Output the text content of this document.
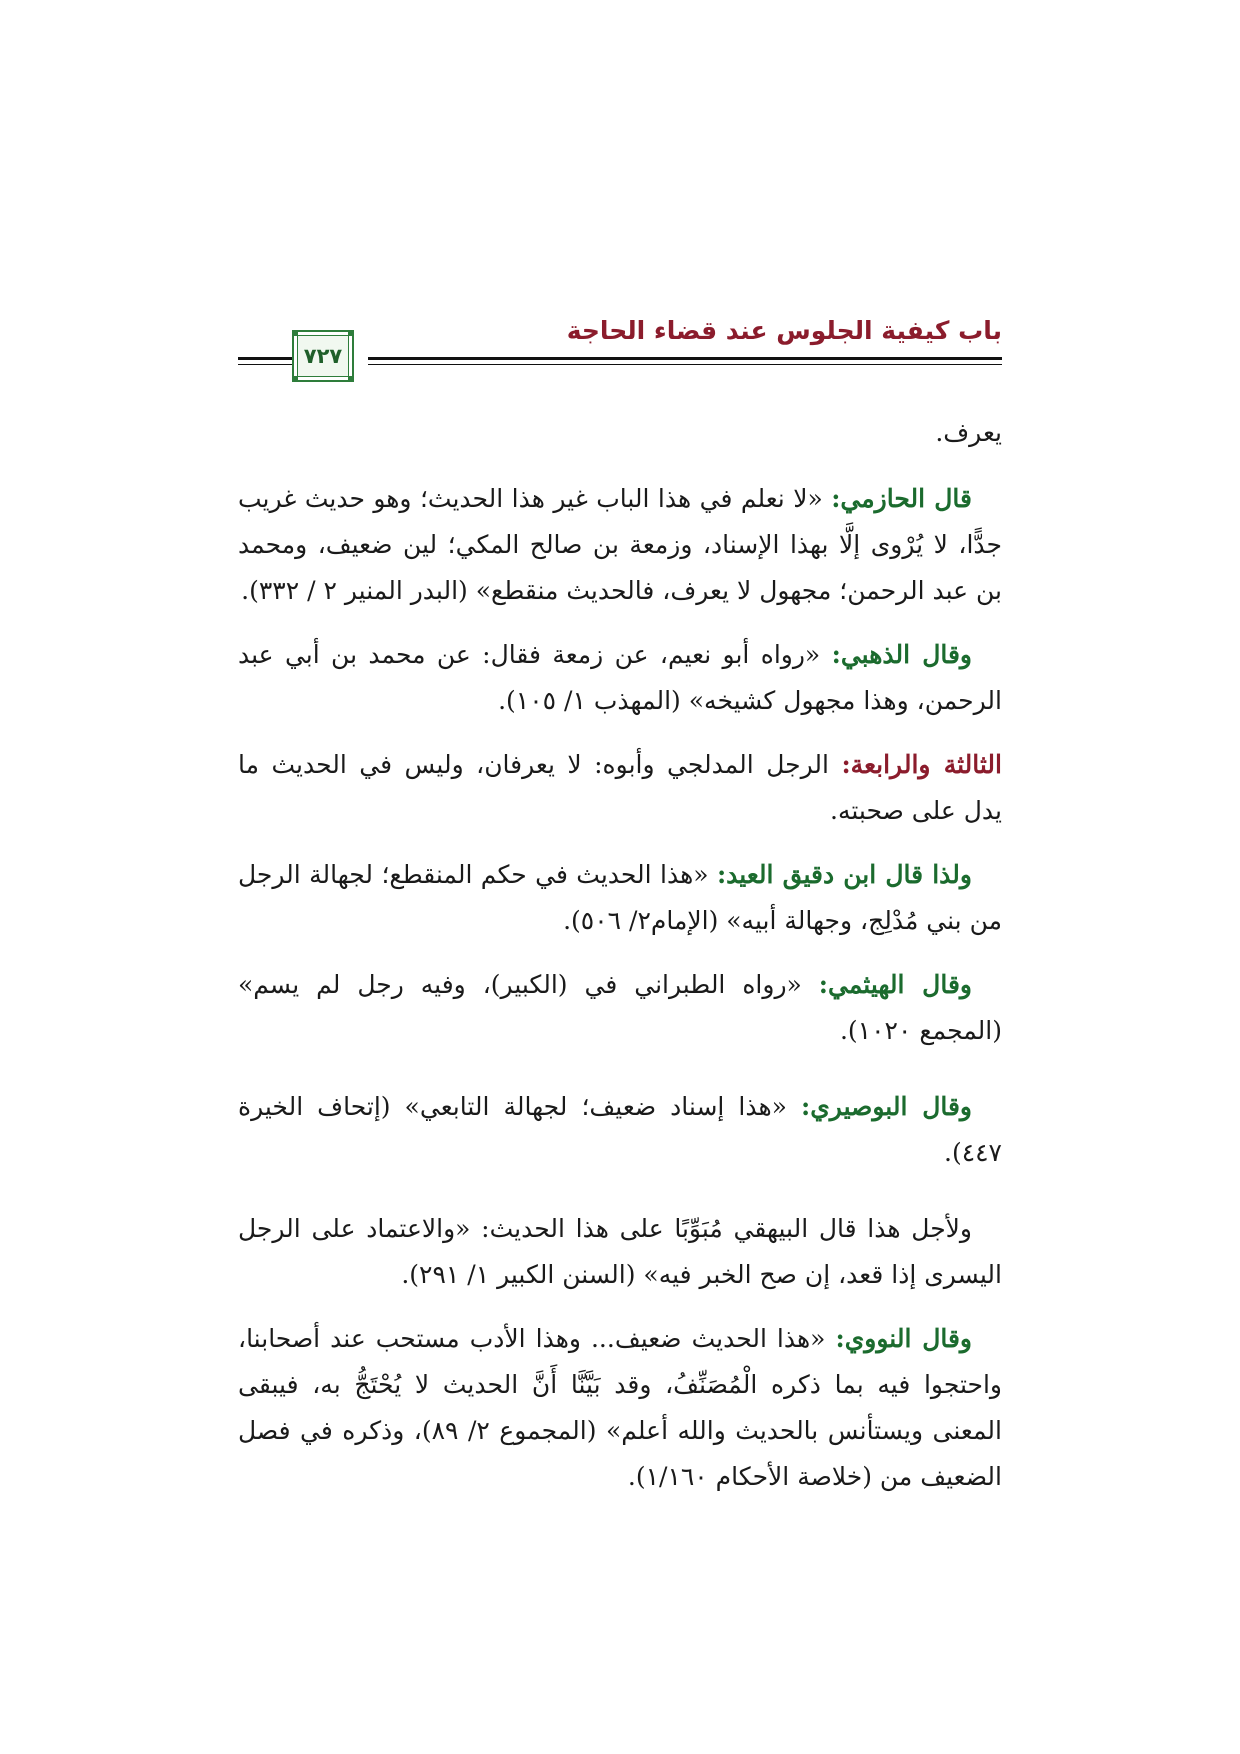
باب كيفية الجلوس عند قضاء الحاجة
٧٢٧

يعرف.

قال الحازمي: «لا نعلم في هذا الباب غير هذا الحديث؛ وهو حديث غريب جدًّا، لا يُرْوى إلَّا بهذا الإسناد، وزمعة بن صالح المكي؛ لين ضعيف، ومحمد بن عبد الرحمن؛ مجهول لا يعرف، فالحديث منقطع» (البدر المنير ٢ / ٣٣٢).

وقال الذهبي: «رواه أبو نعيم، عن زمعة فقال: عن محمد بن أبي عبد الرحمن، وهذا مجهول كشيخه» (المهذب ١/ ١٠٥).

الثالثة والرابعة: الرجل المدلجي وأبوه: لا يعرفان، وليس في الحديث ما يدل على صحبته.

ولذا قال ابن دقيق العيد: «هذا الحديث في حكم المنقطع؛ لجهالة الرجل من بني مُدْلِج، وجهالة أبيه» (الإمام٢/ ٥٠٦).

وقال الهيثمي: «رواه الطبراني في (الكبير)، وفيه رجل لم يسم» (المجمع ١٠٢٠).

وقال البوصيري: «هذا إسناد ضعيف؛ لجهالة التابعي» (إتحاف الخيرة ٤٤٧).

ولأجل هذا قال البيهقي مُبَوِّبًا على هذا الحديث: «والاعتماد على الرجل اليسرى إذا قعد، إن صح الخبر فيه» (السنن الكبير ١/ ٢٩١).

وقال النووي: «هذا الحديث ضعيف... وهذا الأدب مستحب عند أصحابنا، واحتجوا فيه بما ذكره الْمُصَنِّفُ، وقد بَيَّنَّا أَنَّ الحديث لا يُحْتَجُّ به، فيبقى المعنى ويستأنس بالحديث والله أعلم» (المجموع ٢/ ٨٩)، وذكره في فصل الضعيف من (خلاصة الأحكام ١/١٦٠).
